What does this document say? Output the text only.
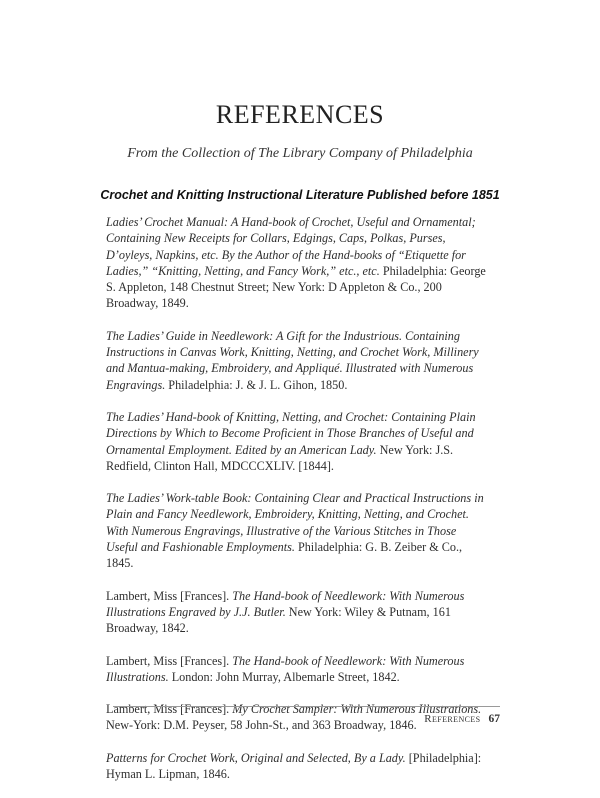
REFERENCES
From the Collection of The Library Company of Philadelphia
Crochet and Knitting Instructional Literature Published before 1851

Ladies’ Crochet Manual: A Hand-book of Crochet, Useful and Ornamental; Containing New Receipts for Collars, Edgings, Caps, Polkas, Purses, D’oyleys, Napkins, etc. By the Author of the Hand-books of “Etiquette for Ladies,” “Knitting, Netting, and Fancy Work,” etc., etc. Philadelphia: George S. Appleton, 148 Chestnut Street; New York: D Appleton & Co., 200 Broadway, 1849.

The Ladies’ Guide in Needlework: A Gift for the Industrious. Containing Instructions in Canvas Work, Knitting, Netting, and Crochet Work, Millinery and Mantua-making, Embroidery, and Appliqué. Illustrated with Numerous Engravings. Philadelphia: J. & J. L. Gihon, 1850.

The Ladies’ Hand-book of Knitting, Netting, and Crochet: Containing Plain Directions by Which to Become Proficient in Those Branches of Useful and Ornamental Employment. Edited by an American Lady. New York: J.S. Redfield, Clinton Hall, MDCCCXLIV. [1844].

The Ladies’ Work-table Book: Containing Clear and Practical Instructions in Plain and Fancy Needlework, Embroidery, Knitting, Netting, and Crochet. With Numerous Engravings, Illustrative of the Various Stitches in Those Useful and Fashionable Employments. Philadelphia: G. B. Zeiber & Co., 1845.

Lambert, Miss [Frances]. The Hand-book of Needlework: With Numerous Illustrations Engraved by J.J. Butler. New York: Wiley & Putnam, 161 Broadway, 1842.

Lambert, Miss [Frances]. The Hand-book of Needlework: With Numerous Illustrations. London: John Murray, Albemarle Street, 1842.

Lambert, Miss [Frances]. My Crochet Sampler: With Numerous Illustrations. New-York: D.M. Peyser, 58 John-St., and 363 Broadway, 1846.

Patterns for Crochet Work, Original and Selected, By a Lady. [Philadelphia]: Hyman L. Lipman, 1846.

References 67
